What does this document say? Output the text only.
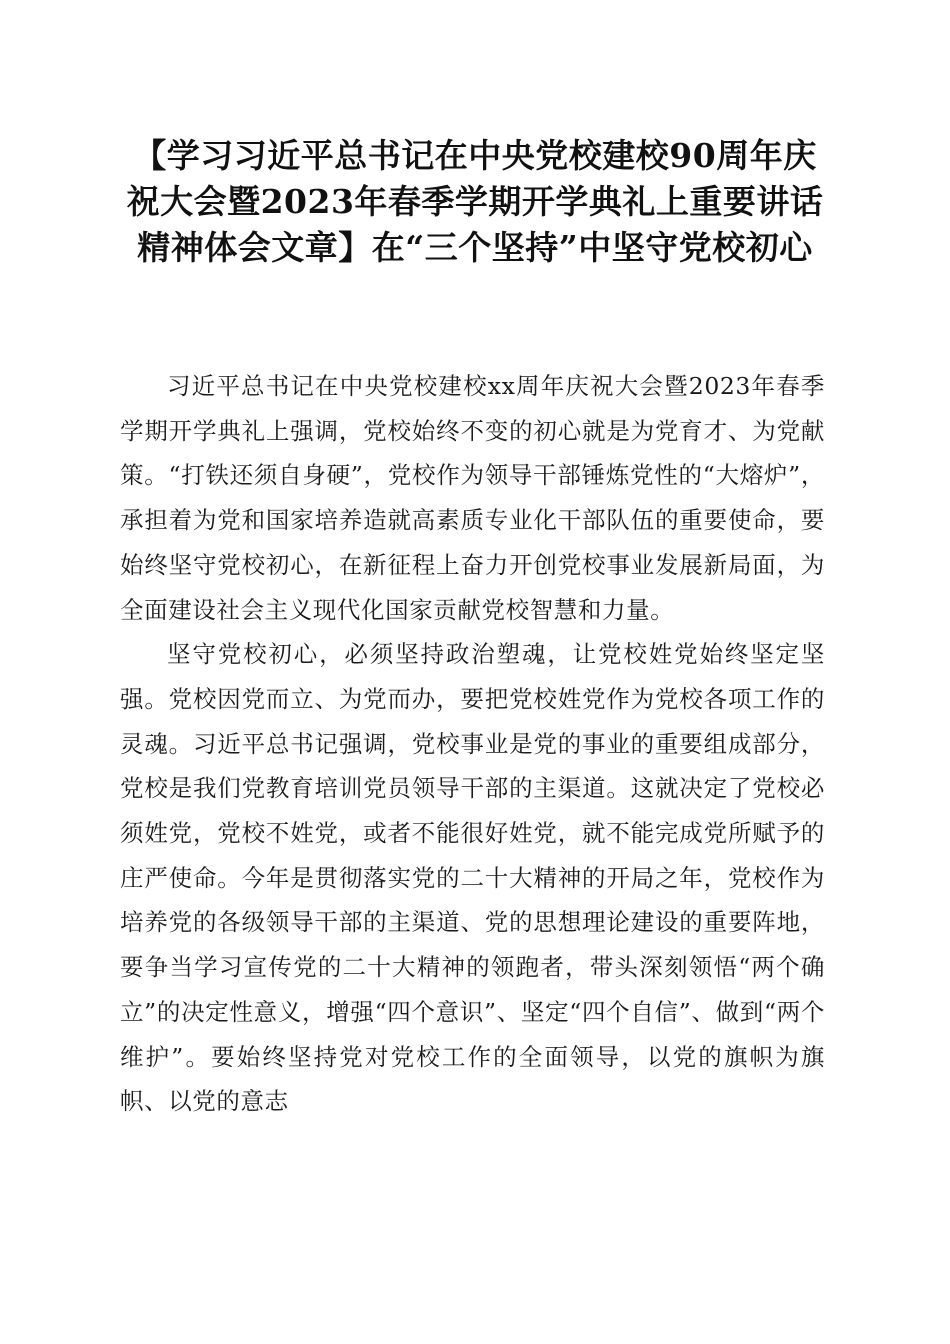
【学习习近平总书记在中央党校建校90周年庆祝大会暨2023年春季学期开学典礼上重要讲话精神体会文章】在“三个坚持”中坚守党校初心

习近平总书记在中央党校建校xx周年庆祝大会暨2023年春季学期开学典礼上强调，党校始终不变的初心就是为党育才、为党献策。“打铁还须自身硬”，党校作为领导干部锤炼党性的“大熔炉”，承担着为党和国家培养造就高素质专业化干部队伍的重要使命，要始终坚守党校初心，在新征程上奋力开创党校事业发展新局面，为全面建设社会主义现代化国家贡献党校智慧和力量。

坚守党校初心，必须坚持政治塑魂，让党校姓党始终坚定坚强。党校因党而立、为党而办，要把党校姓党作为党校各项工作的灵魂。习近平总书记强调，党校事业是党的事业的重要组成部分，党校是我们党教育培训党员领导干部的主渠道。这就决定了党校必须姓党，党校不姓党，或者不能很好姓党，就不能完成党所赋予的庄严使命。今年是贯彻落实党的二十大精神的开局之年，党校作为培养党的各级领导干部的主渠道、党的思想理论建设的重要阵地，要争当学习宣传党的二十大精神的领跑者，带头深刻领悟“两个确立”的决定性意义，增强“四个意识”、坚定“四个自信”、做到“两个维护”。要始终坚持党对党校工作的全面领导，以党的旗帜为旗帜、以党的意志
